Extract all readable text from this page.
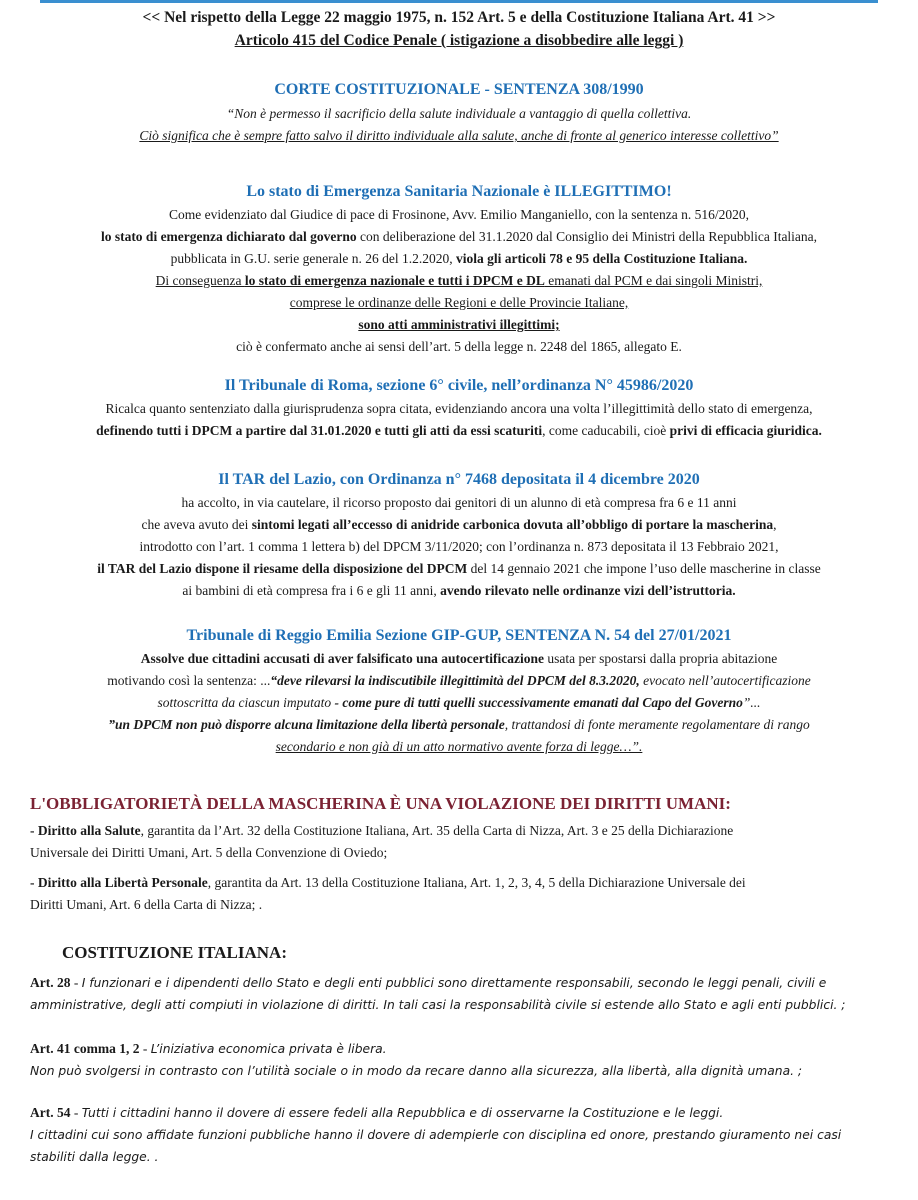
<< Nel rispetto della Legge 22 maggio 1975, n. 152 Art. 5 e della Costituzione Italiana Art. 41 >>

Articolo 415 del Codice Penale ( istigazione a disobbedire alle leggi )

CORTE COSTITUZIONALE - SENTENZA 308/1990

“Non è permesso il sacrificio della salute individuale a vantaggio di quella collettiva.

Ciò significa che è sempre fatto salvo il diritto individuale alla salute, anche di fronte al generico interesse collettivo”

Lo stato di Emergenza Sanitaria Nazionale è ILLEGITTIMO!

Come evidenziato dal Giudice di pace di Frosinone, Avv. Emilio Manganiello, con la sentenza n. 516/2020,

lo stato di emergenza dichiarato dal governo con deliberazione del 31.1.2020 dal Consiglio dei Ministri della Repubblica Italiana,

pubblicata in G.U. serie generale n. 26 del 1.2.2020, viola gli articoli 78 e 95 della Costituzione Italiana.

Di conseguenza lo stato di emergenza nazionale e tutti i DPCM e DL emanati dal PCM e dai singoli Ministri,

comprese le ordinanze delle Regioni e delle Provincie Italiane,

sono atti amministrativi illegittimi;

ciò è confermato anche ai sensi dell’art. 5 della legge n. 2248 del 1865, allegato E.

Il Tribunale di Roma, sezione 6° civile, nell’ordinanza N° 45986/2020

Ricalca quanto sentenziato dalla giurisprudenza sopra citata, evidenziando ancora una volta l’illegittimità dello stato di emergenza,

definendo tutti i DPCM a partire dal 31.01.2020 e tutti gli atti da essi scaturiti, come caducabili, cioè privi di efficacia giuridica.

Il TAR del Lazio, con Ordinanza n° 7468 depositata il 4 dicembre 2020

ha accolto, in via cautelare, il ricorso proposto dai genitori di un alunno di età compresa fra 6 e 11 anni

che aveva avuto dei sintomi legati all’eccesso di anidride carbonica dovuta all’obbligo di portare la mascherina,

introdotto con l’art. 1 comma 1 lettera b) del DPCM 3/11/2020; con l’ordinanza n. 873 depositata il 13 Febbraio 2021,

il TAR del Lazio dispone il riesame della disposizione del DPCM del 14 gennaio 2021 che impone l’uso delle mascherine in classe

ai bambini di età compresa fra i 6 e gli 11 anni, avendo rilevato nelle ordinanze vizi dell’istruttoria.

Tribunale di Reggio Emilia Sezione GIP-GUP, SENTENZA N. 54 del 27/01/2021

Assolve due cittadini accusati di aver falsificato una autocertificazione usata per spostarsi dalla propria abitazione

motivando così la sentenza: ...“deve rilevarsi la indiscutibile illegittimità del DPCM del 8.3.2020, evocato nell’autocertificazione

sottoscritta da ciascun imputato - come pure di tutti quelli successivamente emanati dal Capo del Governo”...

”un DPCM non può disporre alcuna limitazione della libertà personale, trattandosi di fonte meramente regolamentare di rango

secondario e non già di un atto normativo avente forza di legge…”.

L'OBBLIGATORIETÀ DELLA MASCHERINA È UNA VIOLAZIONE DEI DIRITTI UMANI:

- Diritto alla Salute, garantita da l’Art. 32 della Costituzione Italiana, Art. 35 della Carta di Nizza, Art. 3 e 25 della Dichiarazione

Universale dei Diritti Umani, Art. 5 della Convenzione di Oviedo;

- Diritto alla Libertà Personale, garantita da Art. 13 della Costituzione Italiana, Art. 1, 2, 3, 4, 5 della Dichiarazione Universale dei

Diritti Umani, Art. 6 della Carta di Nizza; .

COSTITUZIONE ITALIANA:

Art. 28 - I funzionari e i dipendenti dello Stato e degli enti pubblici sono direttamente responsabili, secondo le leggi penali, civili e

amministrative, degli atti compiuti in violazione di diritti. In tali casi la responsabilità civile si estende allo Stato e agli enti pubblici. ;

Art. 41 comma 1, 2 - L’iniziativa economica privata è libera.

Non può svolgersi in contrasto con l’utilità sociale o in modo da recare danno alla sicurezza, alla libertà, alla dignità umana. ;

Art. 54 - Tutti i cittadini hanno il dovere di essere fedeli alla Repubblica e di osservarne la Costituzione e le leggi.

I cittadini cui sono affidate funzioni pubbliche hanno il dovere di adempierle con disciplina ed onore, prestando giuramento nei casi

stabiliti dalla legge. .
